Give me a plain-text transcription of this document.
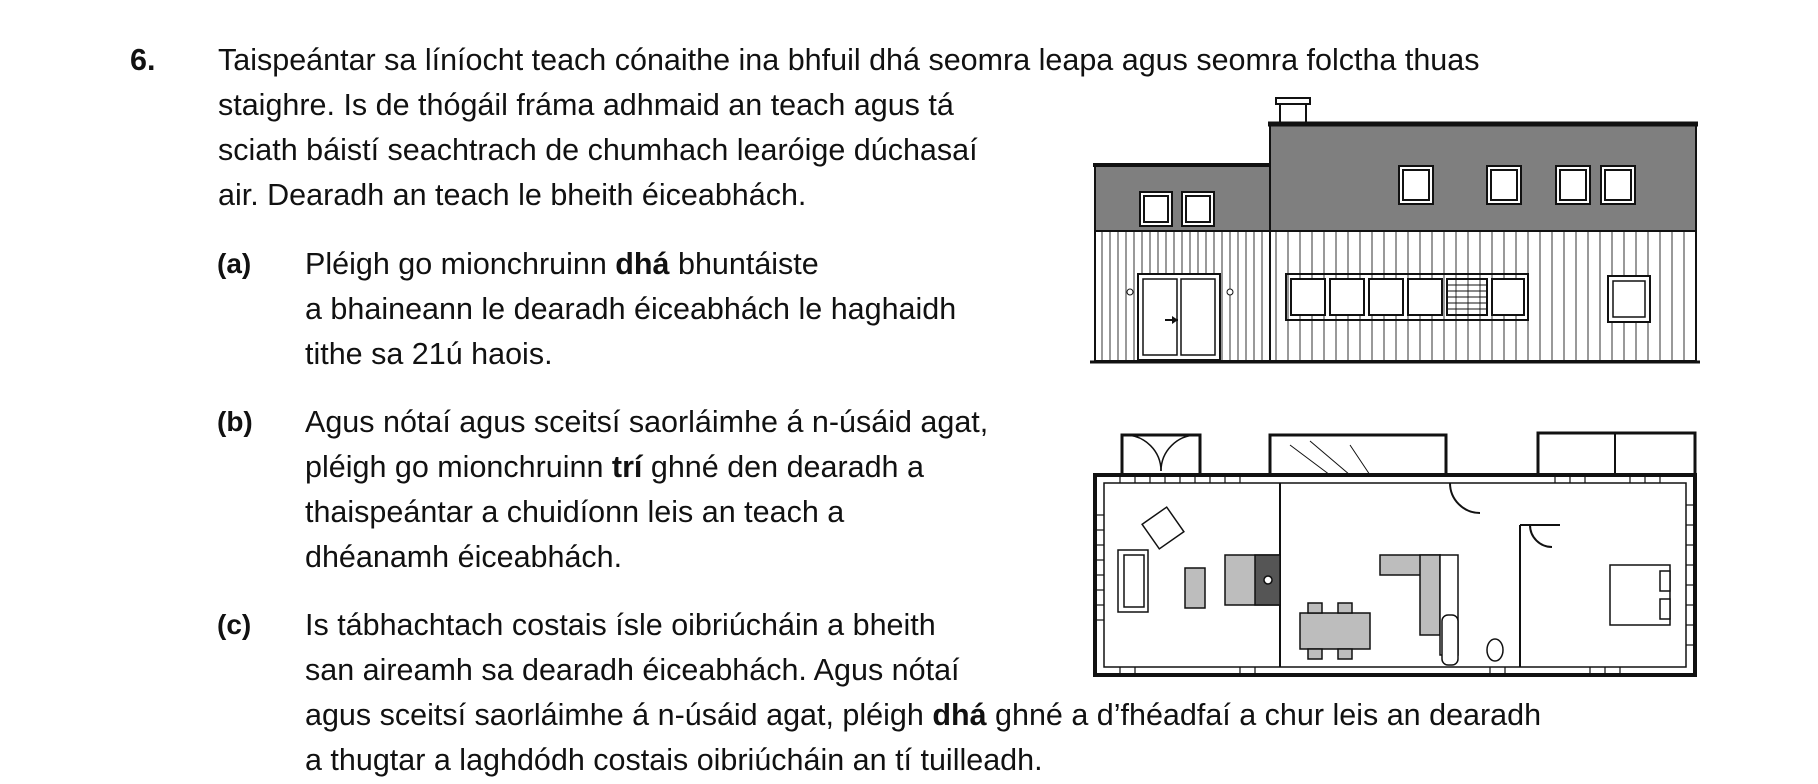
6. Taispeántar sa líníocht teach cónaithe ina bhfuil dhá seomra leapa agus seomra folctha thuas
staighre. Is de thógáil fráma adhmaid an teach agus tá
sciath báistí seachtrach de chumhach learóige dúchasaí
air. Dearadh an teach le bheith éiceabhách.
(a) Pléigh go mionchruinn dhá bhuntáiste
a bhaineann le dearadh éiceabhách le haghaidh
tithe sa 21ú haois.
(b) Agus nótaí agus sceitsí saorláimhe á n-úsáid agat,
pléigh go mionchruinn trí ghné den dearadh a
thaispeántar a chuidíonn leis an teach a
dhéanamh éiceabhách.
(c) Is tábhachtach costais ísle oibriúcháin a bheith
san aireamh sa dearadh éiceabhách. Agus nótaí
agus sceitsí saorláimhe á n-úsáid agat, pléigh dhá ghné a d’fhéadfaí a chur leis an dearadh
a thugtar a laghdódh costais oibriúcháin an tí tuilleadh.
